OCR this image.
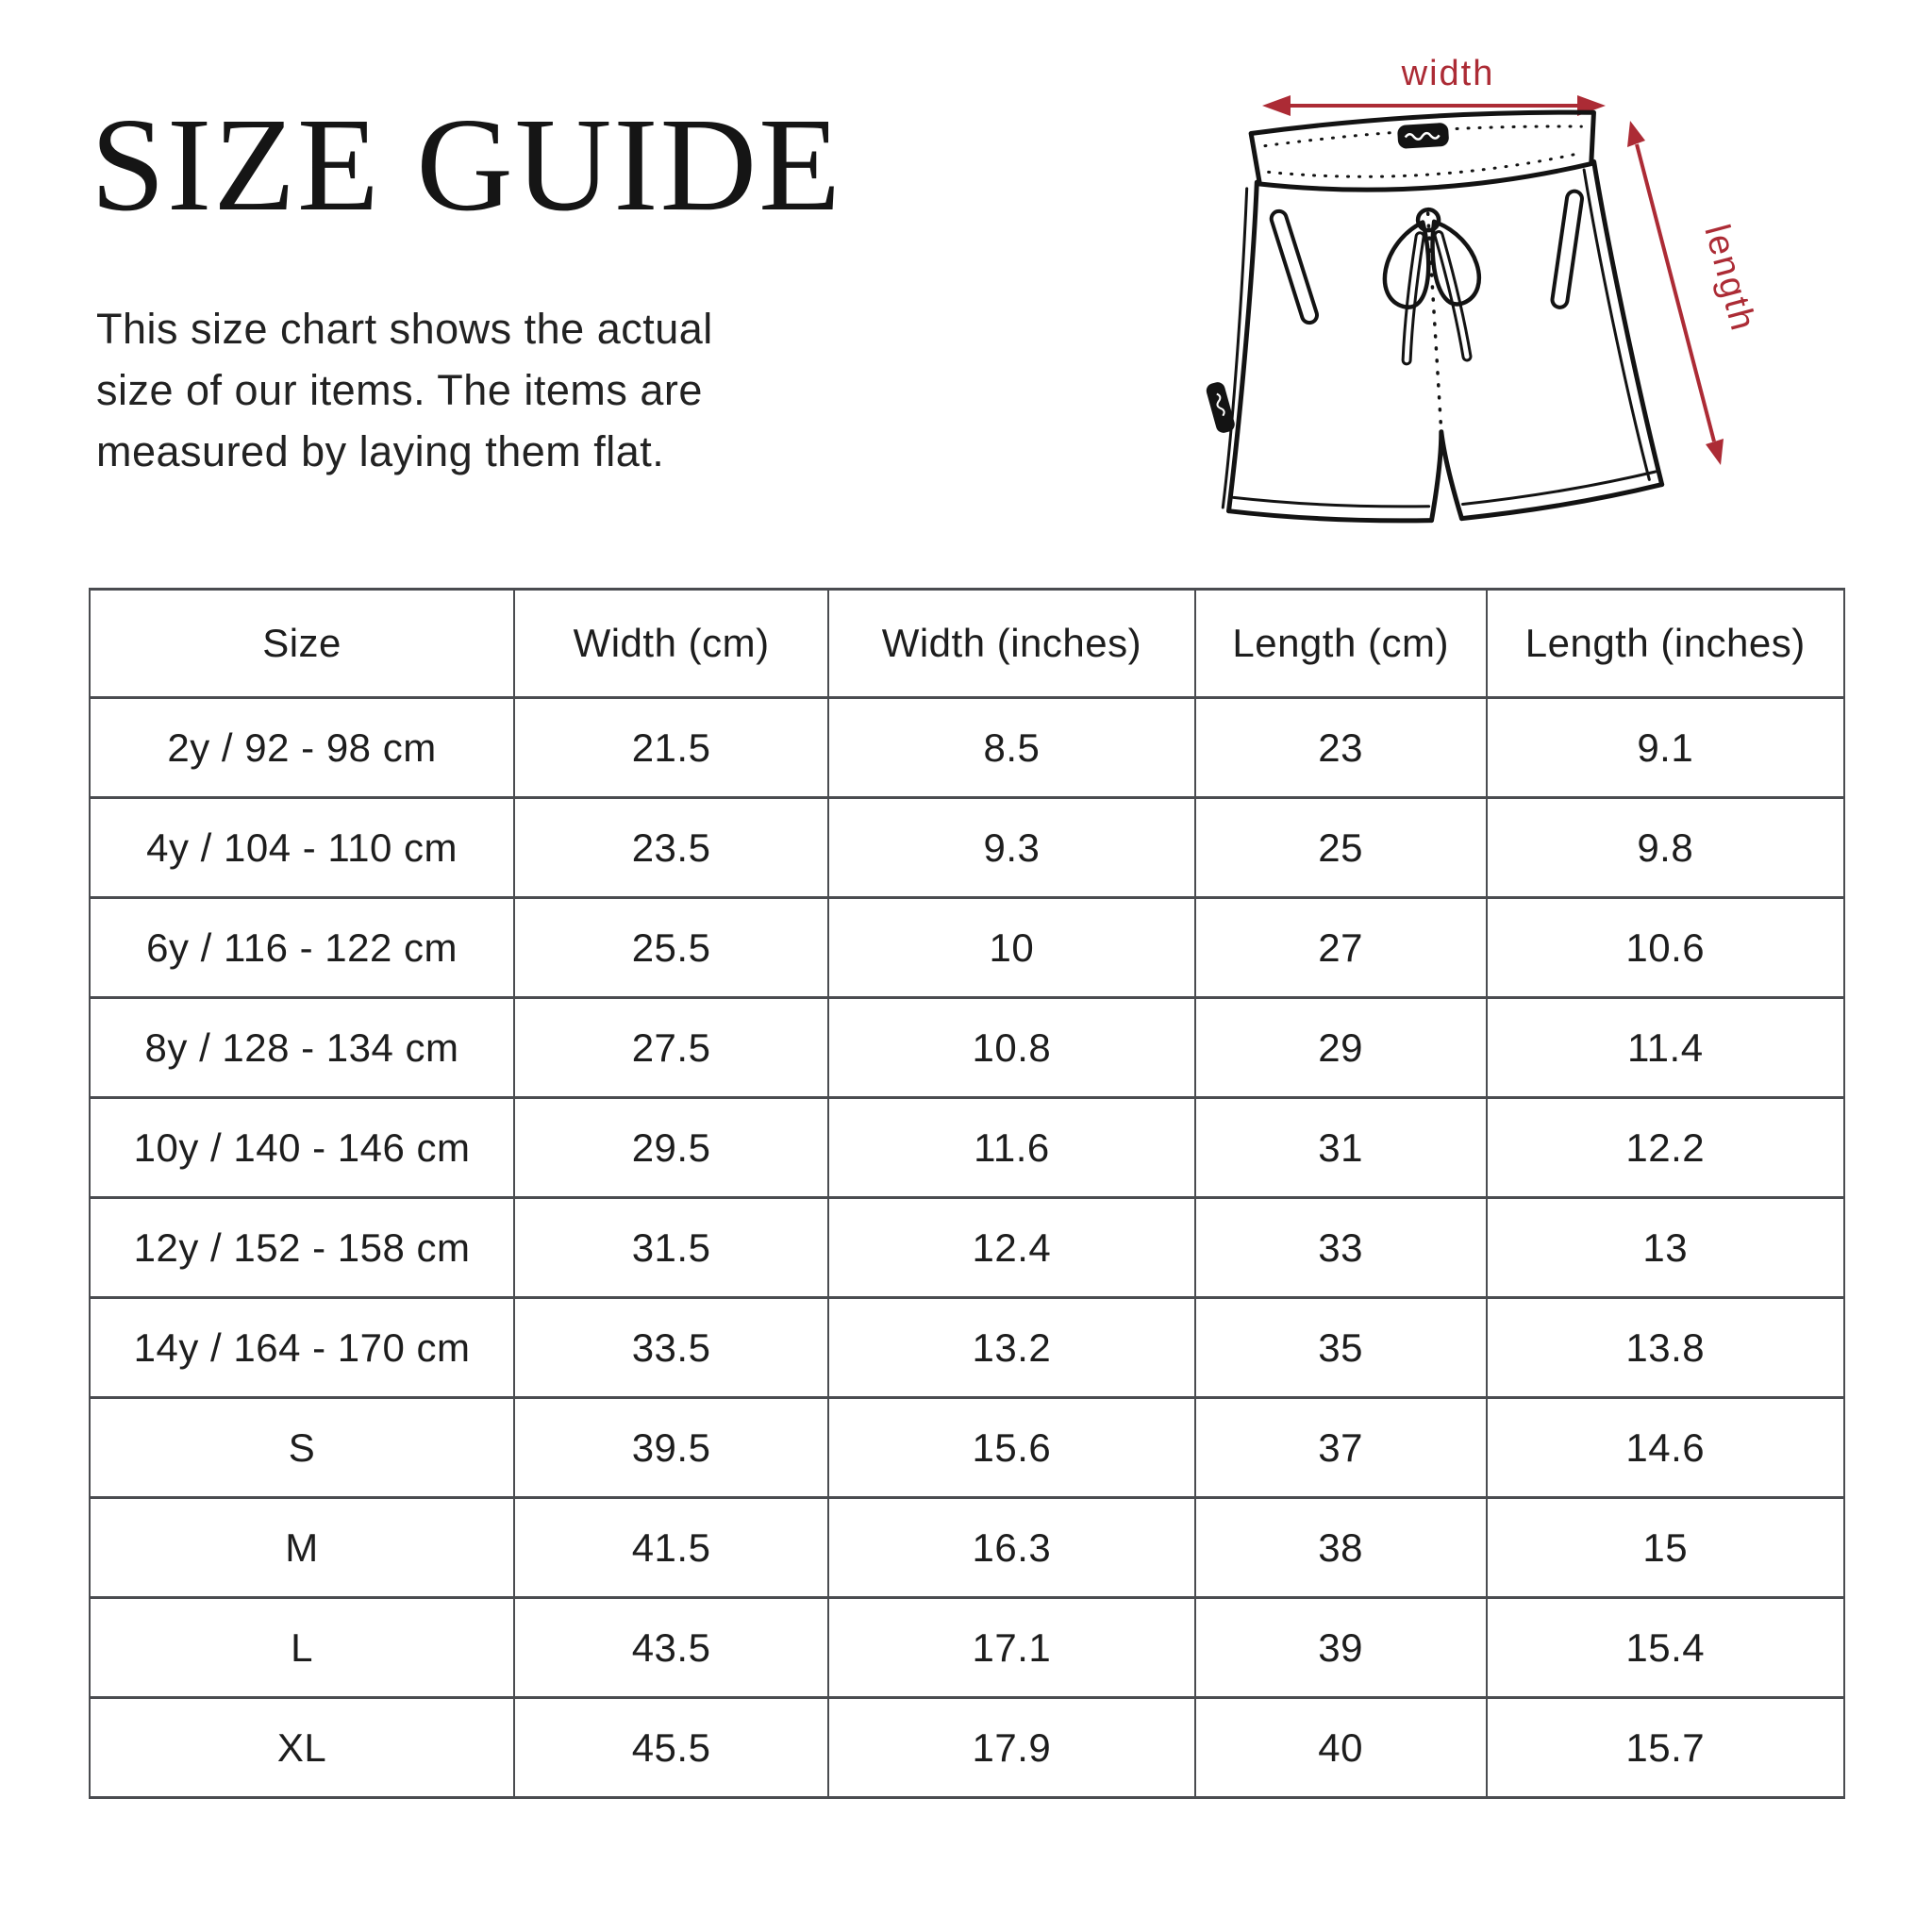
SIZE GUIDE
This size chart shows the actual
size of our items. The items are
measured by laying them flat.
width
length
Size	Width (cm)	Width (inches)	Length (cm)	Length (inches)
2y / 92 - 98 cm	21.5	8.5	23	9.1
4y / 104 - 110 cm	23.5	9.3	25	9.8
6y / 116 - 122 cm	25.5	10	27	10.6
8y / 128 - 134 cm	27.5	10.8	29	11.4
10y / 140 - 146 cm	29.5	11.6	31	12.2
12y / 152 - 158 cm	31.5	12.4	33	13
14y / 164 - 170 cm	33.5	13.2	35	13.8
S	39.5	15.6	37	14.6
M	41.5	16.3	38	15
L	43.5	17.1	39	15.4
XL	45.5	17.9	40	15.7
